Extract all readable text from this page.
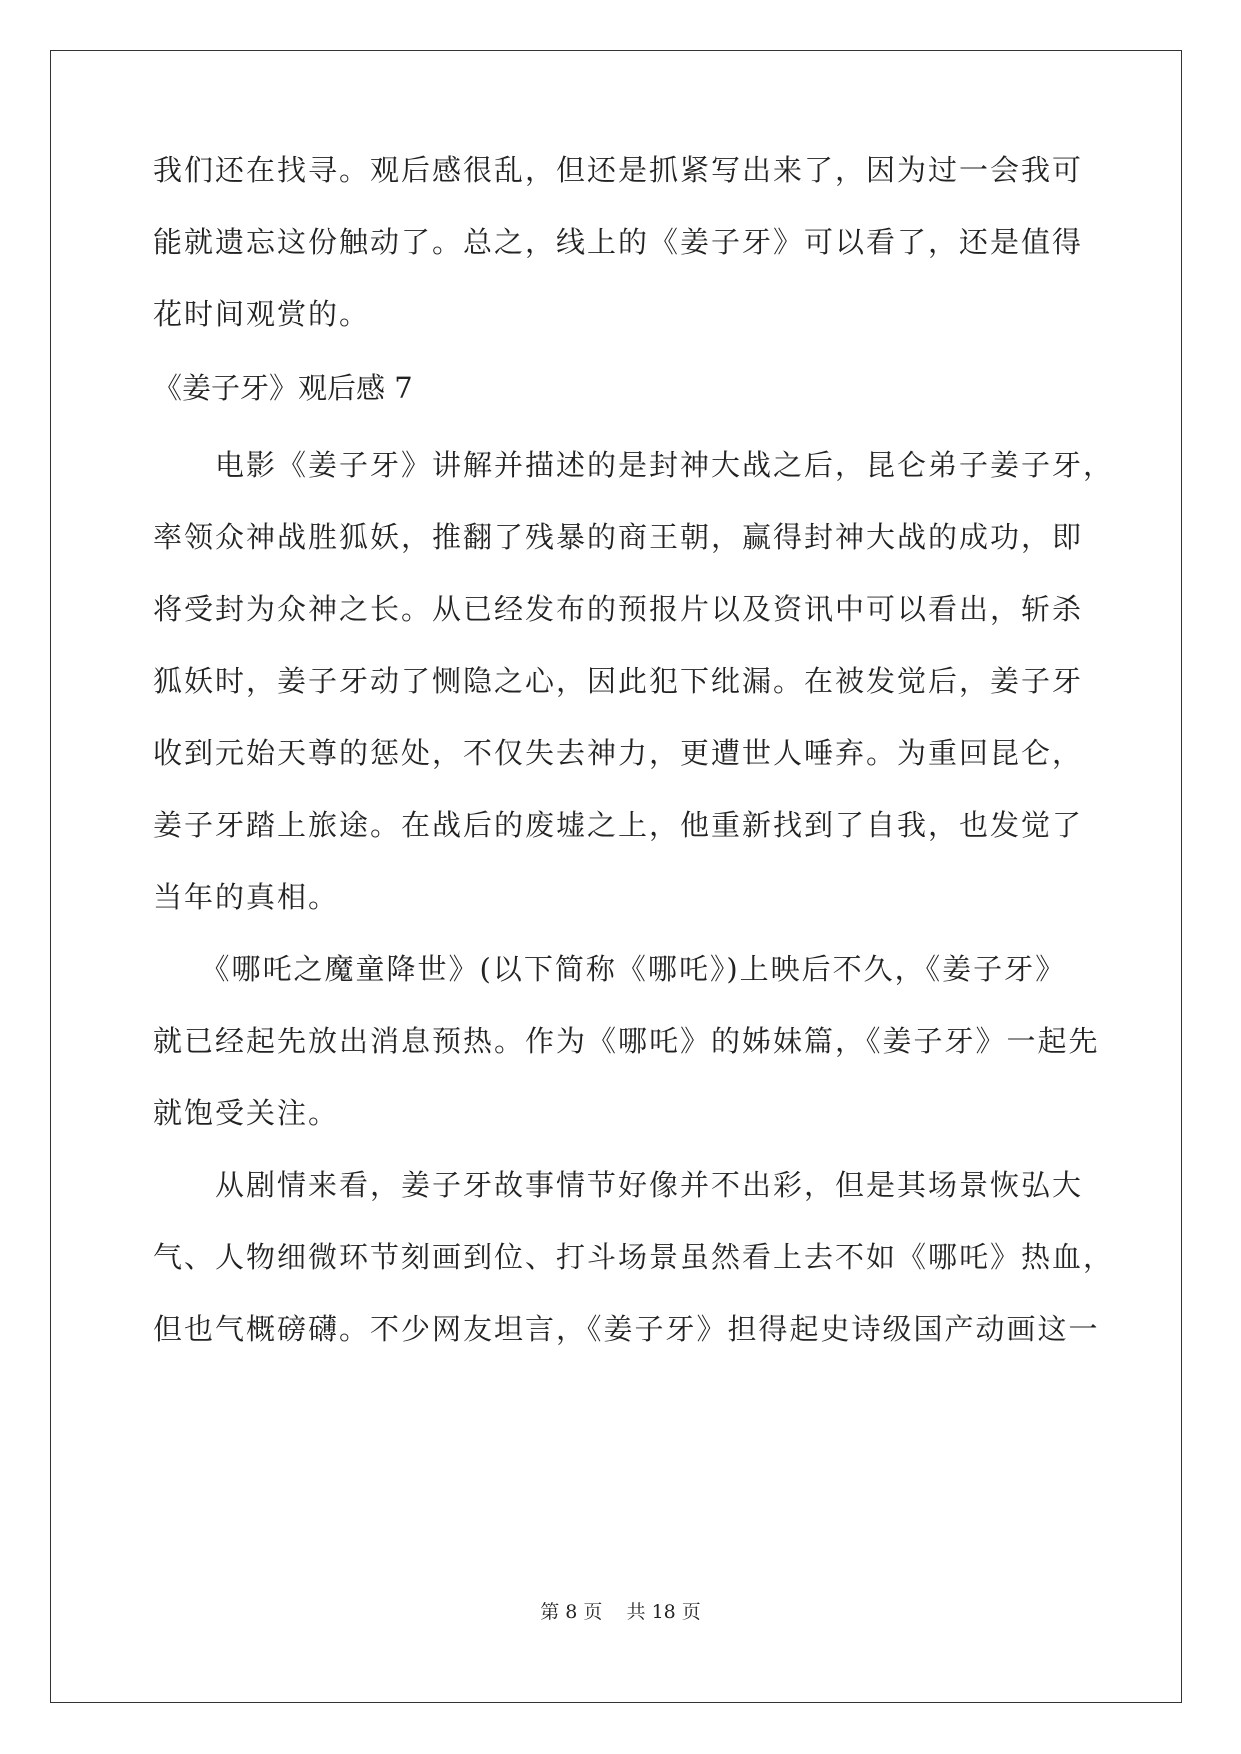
我们还在找寻。观后感很乱，但还是抓紧写出来了，因为过一会我可
能就遗忘这份触动了。总之，线上的《姜子牙》可以看了，还是值得
花时间观赏的。
《姜子牙》观后感 7
　　电影《姜子牙》讲解并描述的是封神大战之后，昆仑弟子姜子牙，
率领众神战胜狐妖，推翻了残暴的商王朝，赢得封神大战的成功，即
将受封为众神之长。从已经发布的预报片以及资讯中可以看出，斩杀
狐妖时，姜子牙动了恻隐之心，因此犯下纰漏。在被发觉后，姜子牙
收到元始天尊的惩处，不仅失去神力，更遭世人唾弃。为重回昆仑，
姜子牙踏上旅途。在战后的废墟之上，他重新找到了自我，也发觉了
当年的真相。
　　《哪吒之魔童降世》(以下简称《哪吒》)上映后不久，《姜子牙》
就已经起先放出消息预热。作为《哪吒》的姊妹篇，《姜子牙》一起先
就饱受关注。
　　从剧情来看，姜子牙故事情节好像并不出彩，但是其场景恢弘大
气、人物细微环节刻画到位、打斗场景虽然看上去不如《哪吒》热血，
但也气概磅礴。不少网友坦言，《姜子牙》担得起史诗级国产动画这一
第 8 页    共 18 页
